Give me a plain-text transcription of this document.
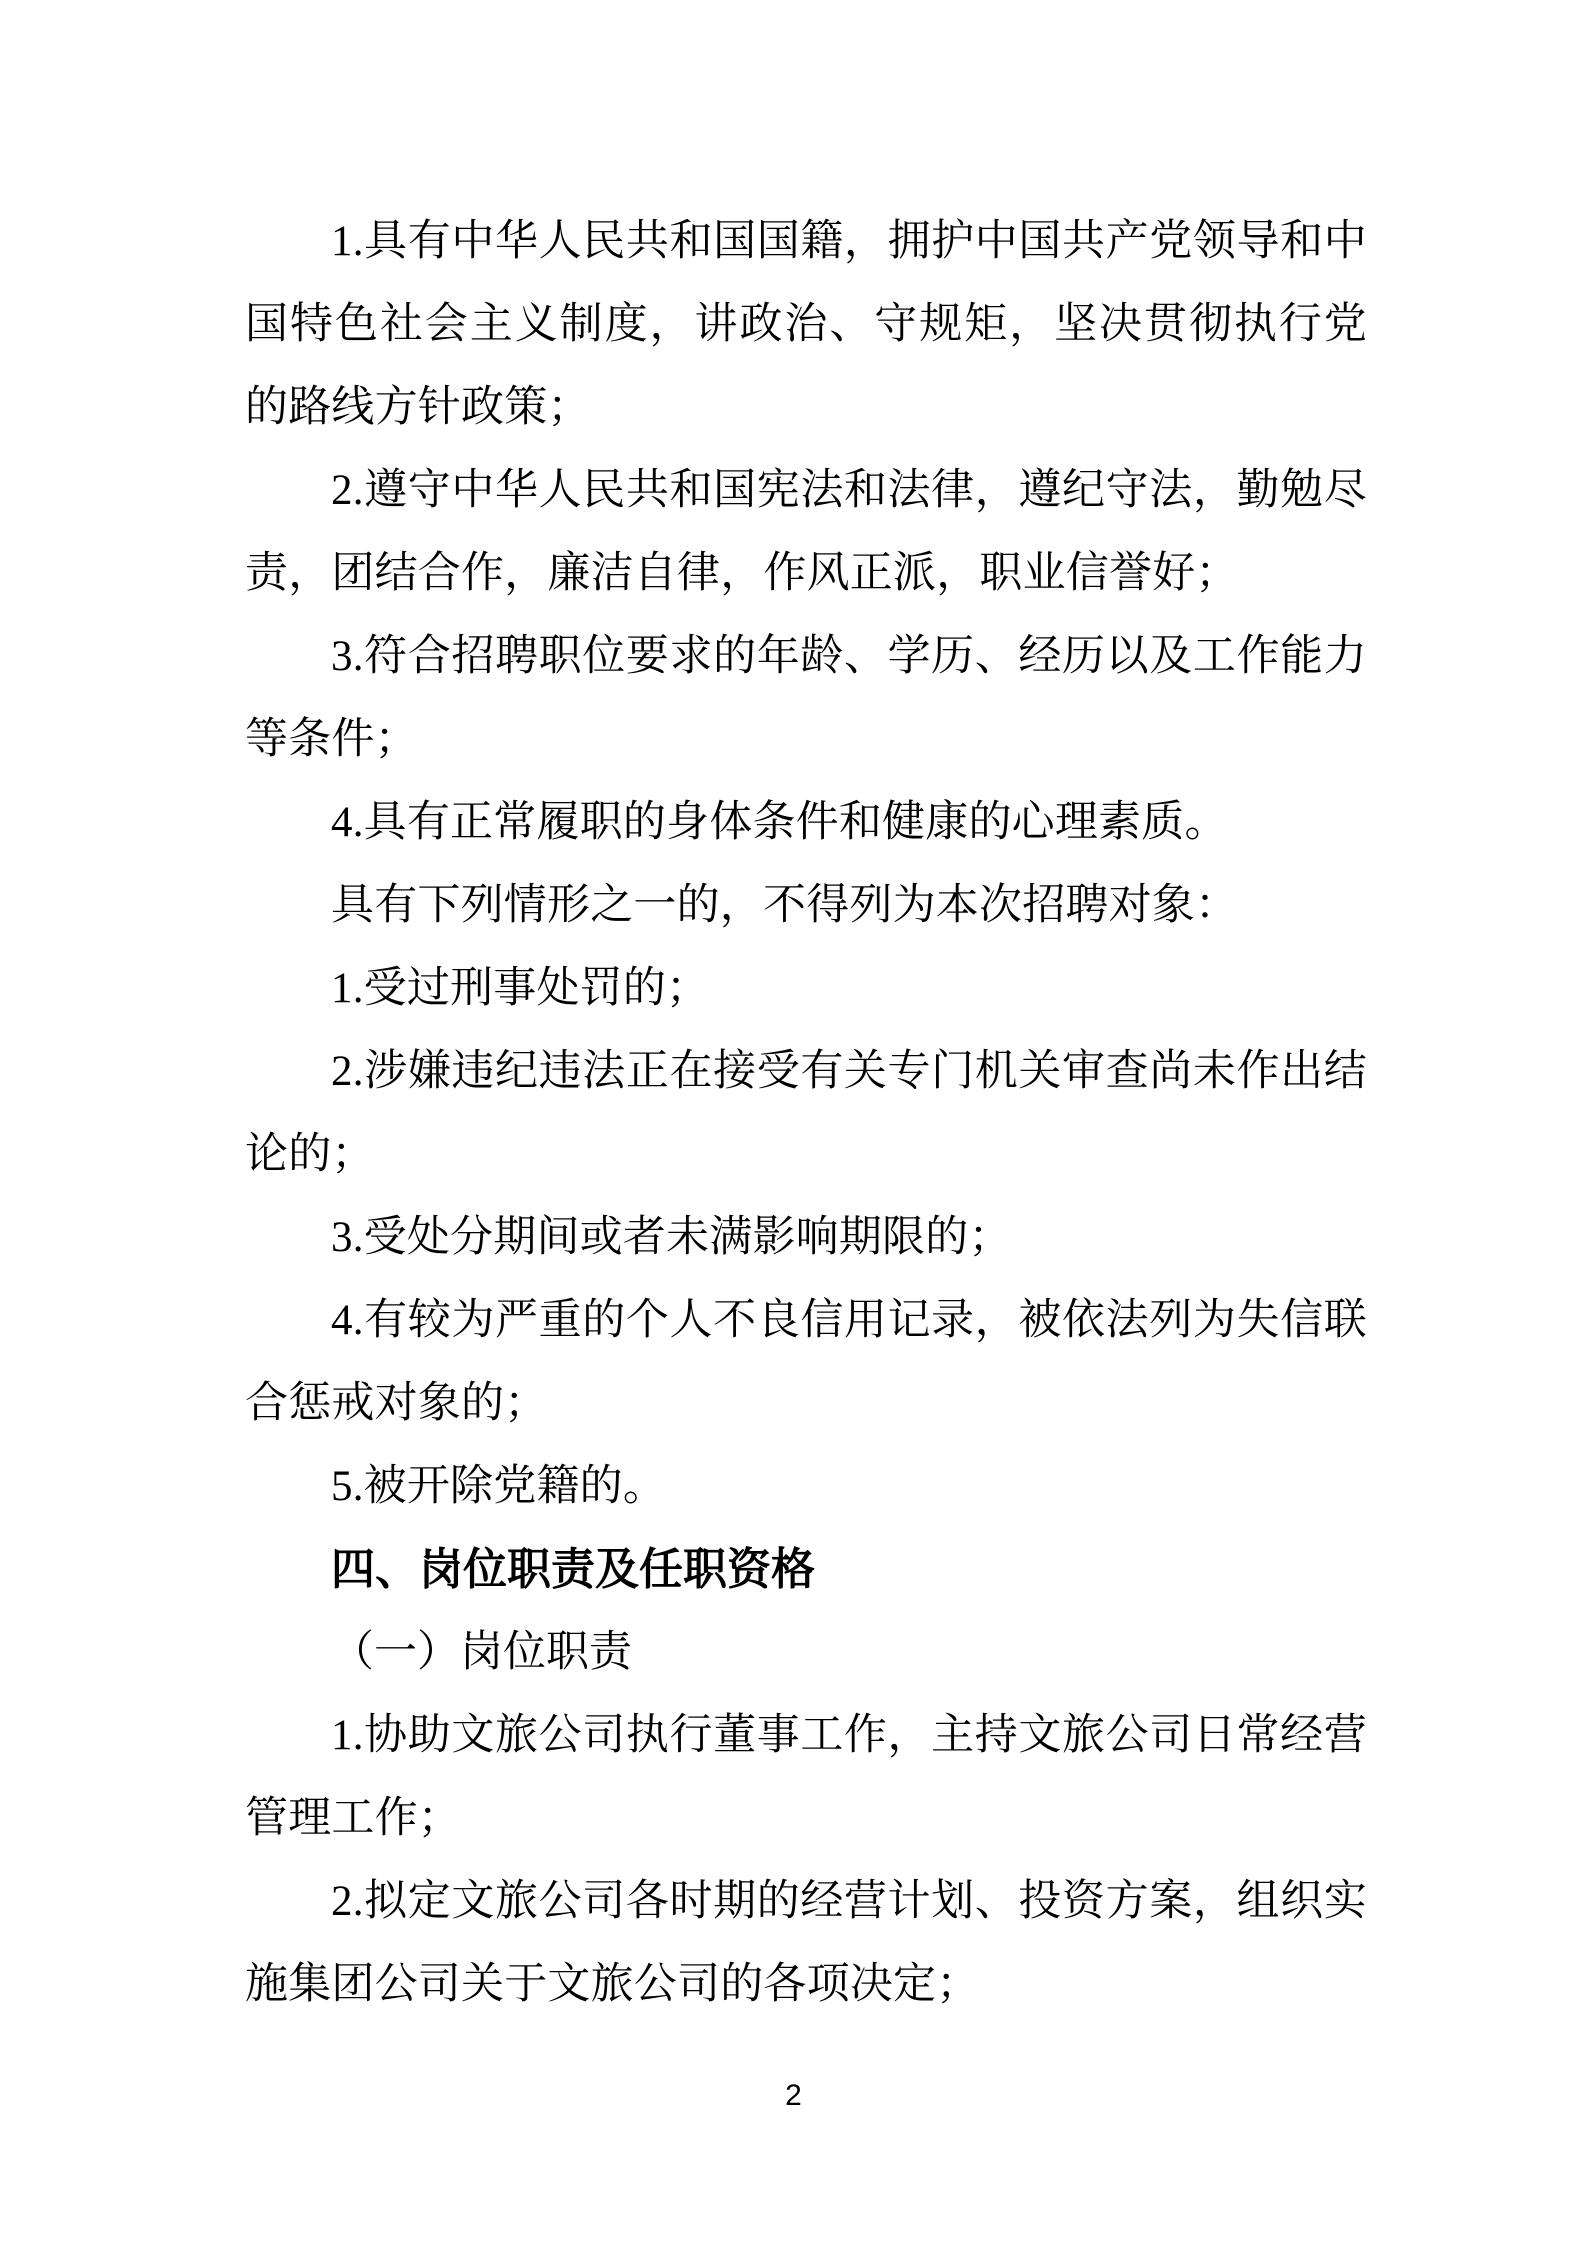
1.具有中华人民共和国国籍，拥护中国共产党领导和中国特色社会主义制度，讲政治、守规矩，坚决贯彻执行党的路线方针政策；

2.遵守中华人民共和国宪法和法律，遵纪守法，勤勉尽责，团结合作，廉洁自律，作风正派，职业信誉好；

3.符合招聘职位要求的年龄、学历、经历以及工作能力等条件；

4.具有正常履职的身体条件和健康的心理素质。

具有下列情形之一的，不得列为本次招聘对象：

1.受过刑事处罚的；

2.涉嫌违纪违法正在接受有关专门机关审查尚未作出结论的；

3.受处分期间或者未满影响期限的；

4.有较为严重的个人不良信用记录，被依法列为失信联合惩戒对象的；

5.被开除党籍的。

四、岗位职责及任职资格

（一）岗位职责

1.协助文旅公司执行董事工作，主持文旅公司日常经营管理工作；

2.拟定文旅公司各时期的经营计划、投资方案，组织实施集团公司关于文旅公司的各项决定；

2
